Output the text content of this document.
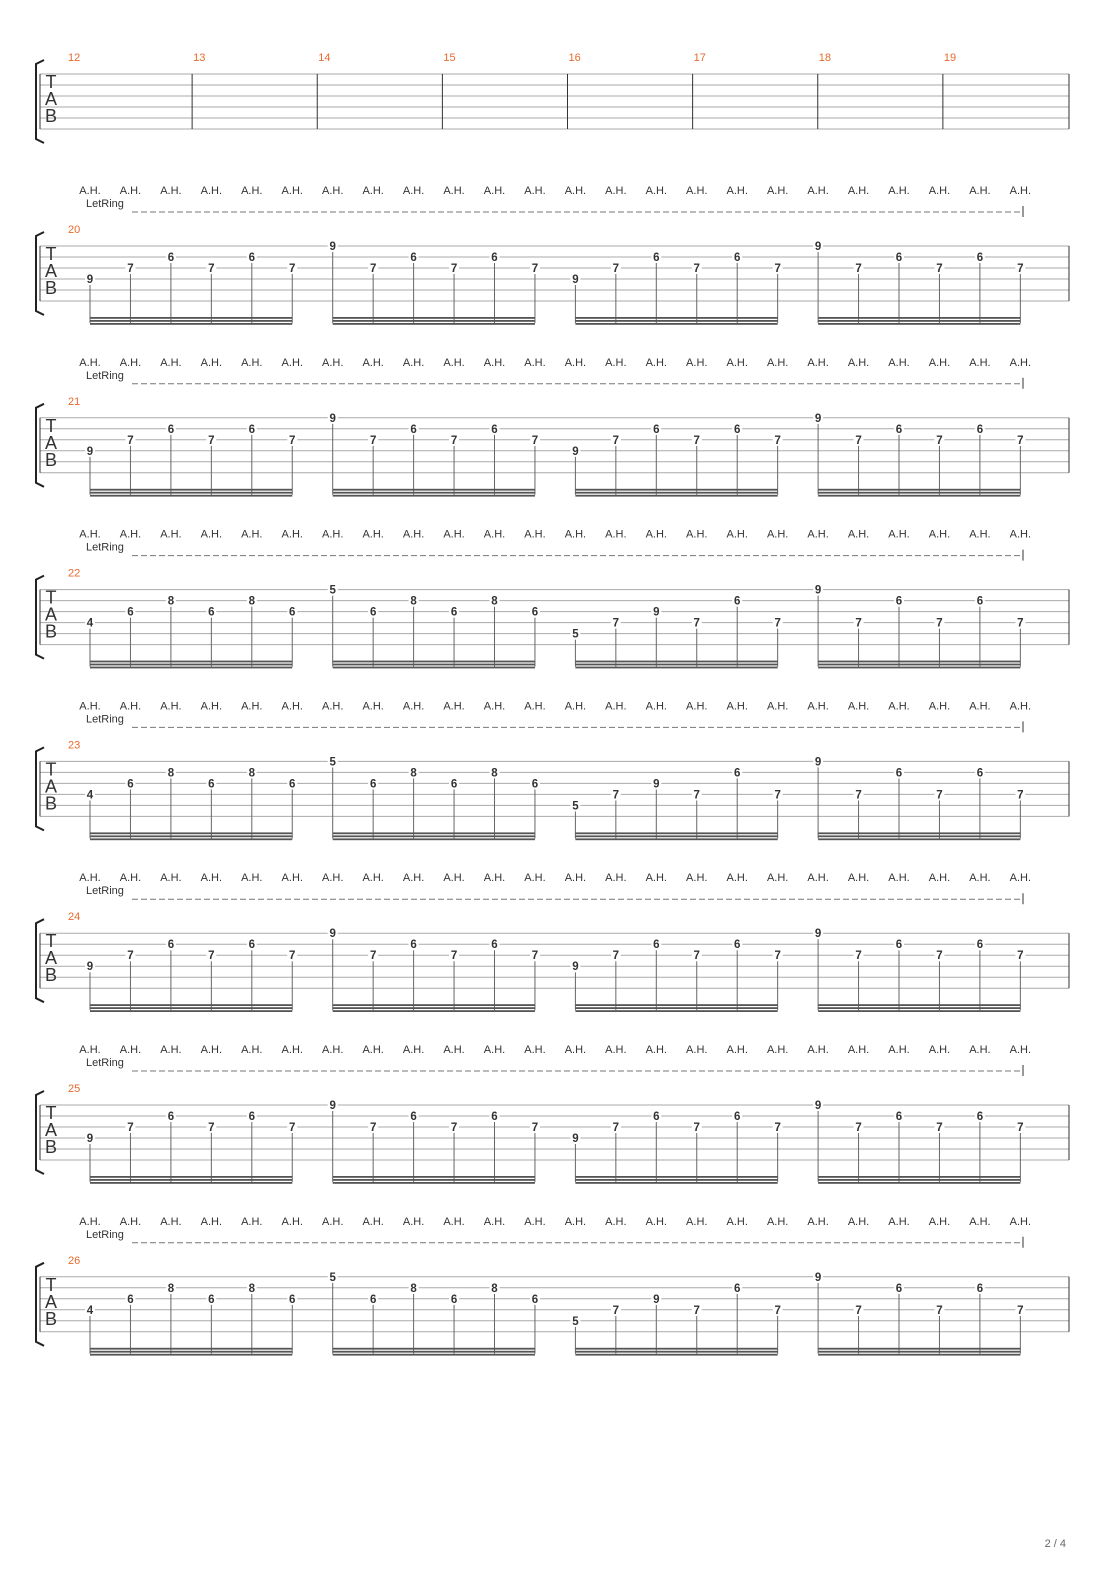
T
A
B
12	13	14	15	16	17	18	19
T
A
B
20
A.H. A.H. A.H. A.H. A.H. A.H. A.H. A.H. A.H. A.H. A.H. A.H. A.H. A.H. A.H. A.H. A.H. A.H. A.H. A.H. A.H. A.H. A.H. A.H.
LetRing
9
7
6
7
6
7
9
7
6
7
6
7
9
7
6
7
6
7
9
7
6
7
6
7
T
A
B
21
A.H. A.H. A.H. A.H. A.H. A.H. A.H. A.H. A.H. A.H. A.H. A.H. A.H. A.H. A.H. A.H. A.H. A.H. A.H. A.H. A.H. A.H. A.H. A.H.
LetRing
9
7
6
7
6
7
9
7
6
7
6
7
9
7
6
7
6
7
9
7
6
7
6
7
T
A
B
22
A.H. A.H. A.H. A.H. A.H. A.H. A.H. A.H. A.H. A.H. A.H. A.H. A.H. A.H. A.H. A.H. A.H. A.H. A.H. A.H. A.H. A.H. A.H. A.H.
LetRing
4
6
8
6
8
6
5
6
8
6
8
6
5
7
9
7
6
7
9
7
6
7
6
7
T
A
B
23
A.H. A.H. A.H. A.H. A.H. A.H. A.H. A.H. A.H. A.H. A.H. A.H. A.H. A.H. A.H. A.H. A.H. A.H. A.H. A.H. A.H. A.H. A.H. A.H.
LetRing
4
6
8
6
8
6
5
6
8
6
8
6
5
7
9
7
6
7
9
7
6
7
6
7
T
A
B
24
A.H. A.H. A.H. A.H. A.H. A.H. A.H. A.H. A.H. A.H. A.H. A.H. A.H. A.H. A.H. A.H. A.H. A.H. A.H. A.H. A.H. A.H. A.H. A.H.
LetRing
9
7
6
7
6
7
9
7
6
7
6
7
9
7
6
7
6
7
9
7
6
7
6
7
T
A
B
25
A.H. A.H. A.H. A.H. A.H. A.H. A.H. A.H. A.H. A.H. A.H. A.H. A.H. A.H. A.H. A.H. A.H. A.H. A.H. A.H. A.H. A.H. A.H. A.H.
LetRing
9
7
6
7
6
7
9
7
6
7
6
7
9
7
6
7
6
7
9
7
6
7
6
7
T
A
B
26
A.H. A.H. A.H. A.H. A.H. A.H. A.H. A.H. A.H. A.H. A.H. A.H. A.H. A.H. A.H. A.H. A.H. A.H. A.H. A.H. A.H. A.H. A.H. A.H.
LetRing
4
6
8
6
8
6
5
6
8
6
8
6
5
7
9
7
6
7
9
7
6
7
6
7
2 / 4
